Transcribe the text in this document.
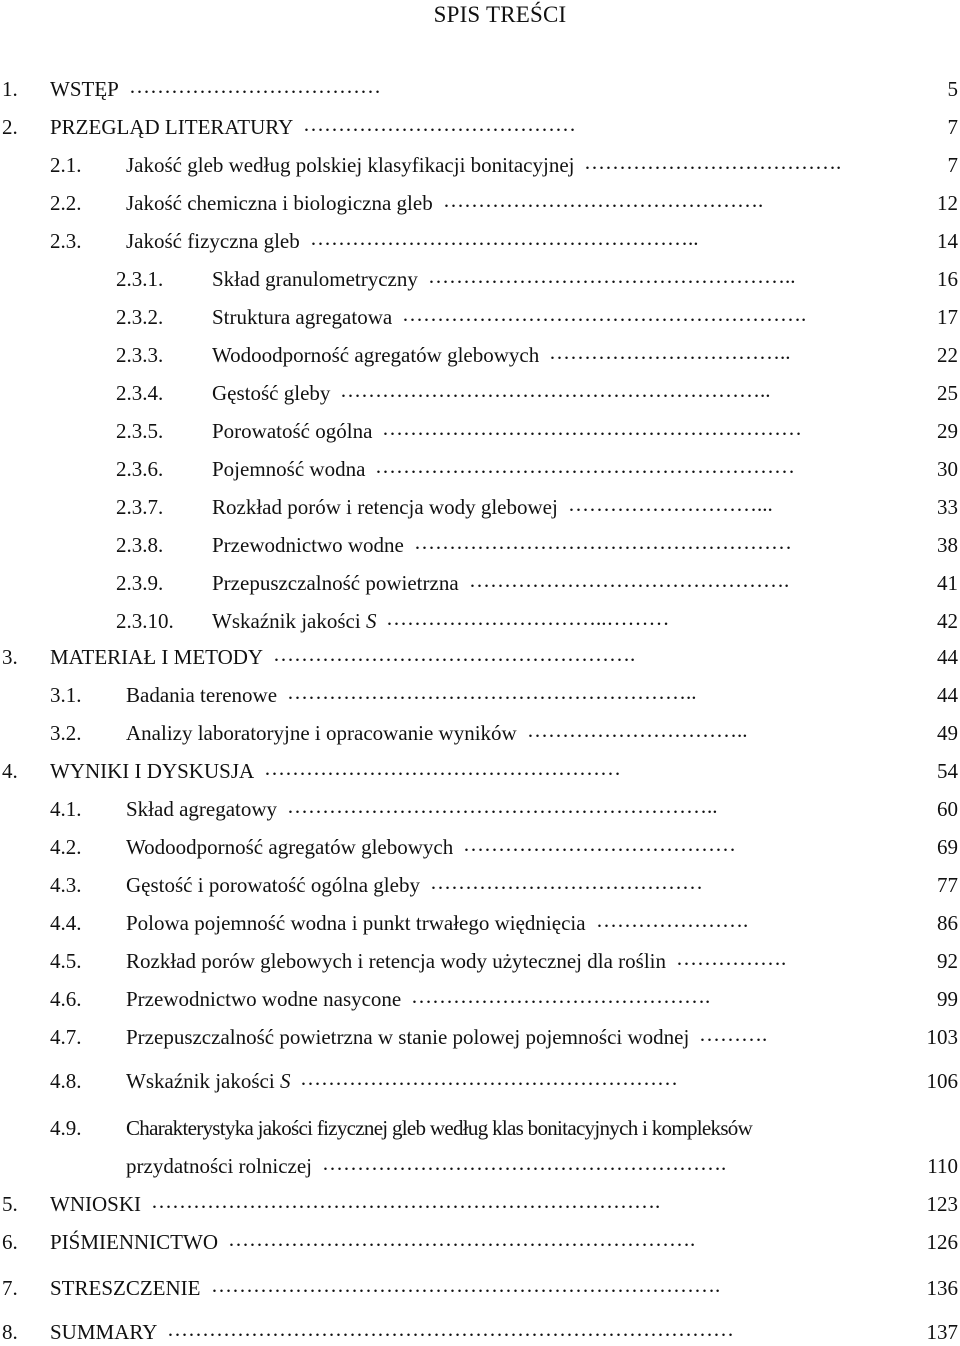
SPIS TREŚCI
1. WSTĘP ………………………………	5
2. PRZEGLĄD LITERATURY …………………………………	7
2.1. Jakość gleb według polskiej klasyfikacji bonitacyjnej ……………………………….	7
2.2. Jakość chemiczna i biologiczna gleb ……………………………………….	12
2.3. Jakość fizyczna gleb ………………………………………………..	14
2.3.1. Skład granulometryczny ……………………………………………..	16
2.3.2. Struktura agregatowa ………………………………………………….	17
2.3.3. Wodoodporność agregatów glebowych ……………………………..	22
2.3.4. Gęstość gleby ……………………………………………………..	25
2.3.5. Porowatość ogólna ……………………………………………………	29
2.3.6. Pojemność wodna ……………………………………………………	30
2.3.7. Rozkład porów i retencja wody glebowej ………………………...	33
2.3.8. Przewodnictwo wodne ………………………………………………	38
2.3.9. Przepuszczalność powietrzna ……………………………………….	41
2.3.10. Wskaźnik jakości S …………………………..………	42
3. MATERIAŁ I METODY …………………………………………….	44
3.1. Badania terenowe …………………………………………………..	44
3.2. Analizy laboratoryjne i opracowanie wyników …………………………..	49
4. WYNIKI I DYSKUSJA ……………………………………………	54
4.1. Skład agregatowy ……………………………………………………..	60
4.2. Wodoodporność agregatów glebowych …………………………………	69
4.3. Gęstość i porowatość ogólna gleby …………………………………	77
4.4. Polowa pojemność wodna i punkt trwałego więdnięcia ………………….	86
4.5. Rozkład porów glebowych i retencja wody użytecznej dla roślin …………….	92
4.6. Przewodnictwo wodne nasycone …………………………………….	99
4.7. Przepuszczalność powietrzna w stanie polowej pojemności wodnej ……….	103
4.8. Wskaźnik jakości S ………………………………………………	106
4.9. Charakterystyka jakości fizycznej gleb według klas bonitacyjnych i kompleksów
przydatności rolniczej ………………………………………………….	110
5. WNIOSKI ……………………………………………………………….	123
6. PIŚMIENNICTWO ………………………………………………………….	126
7. STRESZCZENIE ……………………………………………………………….	136
8. SUMMARY ………………………………………………………………………	137
